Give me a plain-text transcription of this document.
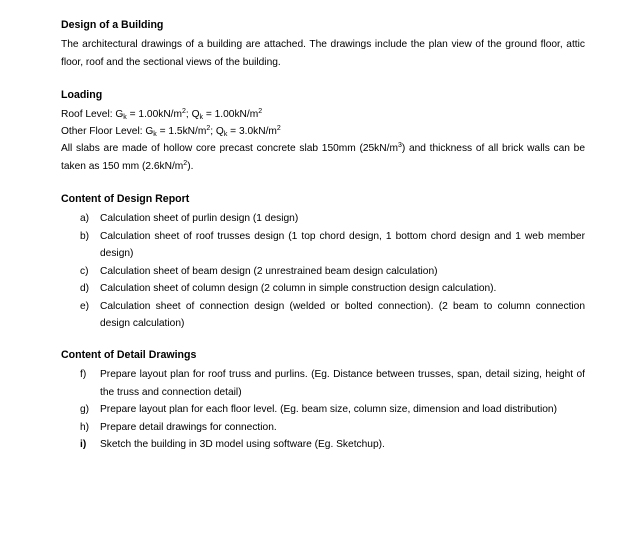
Design of a Building
The architectural drawings of a building are attached. The drawings include the plan view of the ground floor, attic floor, roof and the sectional views of the building.
Loading
Roof Level: $G_k = 1.00kN/m^2$; $Q_k = 1.00kN/m^2$
Other Floor Level: $G_k = 1.5kN/m^2$; $Q_k = 3.0kN/m^2$
All slabs are made of hollow core precast concrete slab 150mm $(25kN/m^3)$ and thickness of all brick walls can be taken as 150 mm $(2.6kN/m^2)$.
Content of Design Report
a) Calculation sheet of purlin design (1 design)
b) Calculation sheet of roof trusses design (1 top chord design, 1 bottom chord design and 1 web member design)
c) Calculation sheet of beam design (2 unrestrained beam design calculation)
d) Calculation sheet of column design (2 column in simple construction design calculation).
e) Calculation sheet of connection design (welded or bolted connection). (2 beam to column connection design calculation)
Content of Detail Drawings
f) Prepare layout plan for roof truss and purlins. (Eg. Distance between trusses, span, detail sizing, height of the truss and connection detail)
g) Prepare layout plan for each floor level. (Eg. beam size, column size, dimension and load distribution)
h) Prepare detail drawings for connection.
i) Sketch the building in 3D model using software (Eg. Sketchup).
